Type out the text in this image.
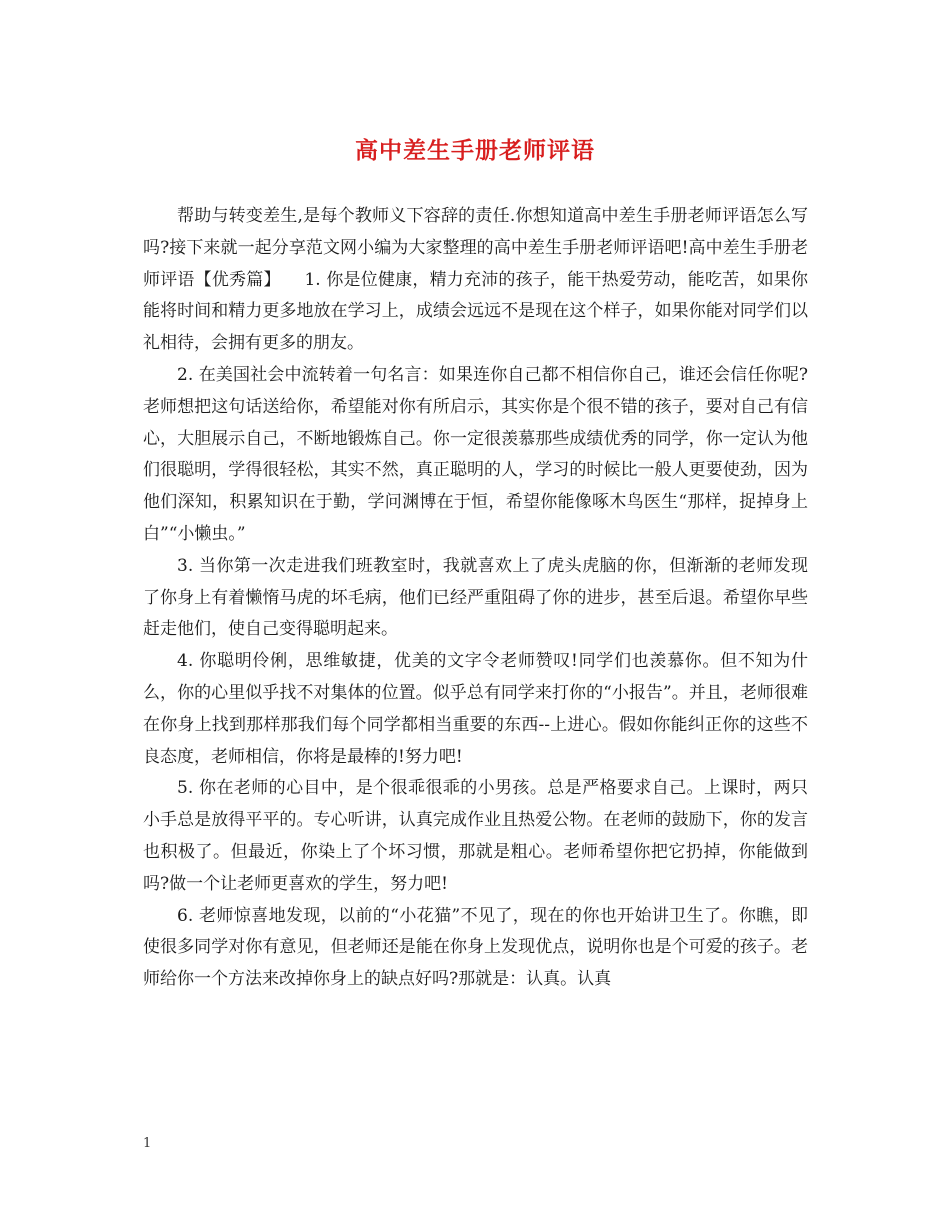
高中差生手册老师评语

帮助与转变差生,是每个教师义下容辞的责任.你想知道高中差生手册老师评语怎么写吗?接下来就一起分享范文网小编为大家整理的高中差生手册老师评语吧!高中差生手册老师评语【优秀篇】 1. 你是位健康，精力充沛的孩子，能干热爱劳动，能吃苦，如果你能将时间和精力更多地放在学习上，成绩会远远不是现在这个样子，如果你能对同学们以礼相待，会拥有更多的朋友。

2. 在美国社会中流转着一句名言：如果连你自己都不相信你自己，谁还会信任你呢?老师想把这句话送给你，希望能对你有所启示，其实你是个很不错的孩子，要对自己有信心，大胆展示自己，不断地锻炼自己。你一定很羡慕那些成绩优秀的同学，你一定认为他们很聪明，学得很轻松，其实不然，真正聪明的人，学习的时候比一般人更要使劲，因为他们深知，积累知识在于勤，学问渊博在于恒，希望你能像啄木鸟医生“那样，捉掉身上白”“小懒虫。”

3. 当你第一次走进我们班教室时，我就喜欢上了虎头虎脑的你，但渐渐的老师发现了你身上有着懒惰马虎的坏毛病，他们已经严重阻碍了你的进步，甚至后退。希望你早些赶走他们，使自己变得聪明起来。

4. 你聪明伶俐，思维敏捷，优美的文字令老师赞叹!同学们也羡慕你。但不知为什么，你的心里似乎找不对集体的位置。似乎总有同学来打你的“小报告”。并且，老师很难在你身上找到那样那我们每个同学都相当重要的东西--上进心。假如你能纠正你的这些不良态度，老师相信，你将是最棒的!努力吧!

5. 你在老师的心目中，是个很乖很乖的小男孩。总是严格要求自己。上课时，两只小手总是放得平平的。专心听讲，认真完成作业且热爱公物。在老师的鼓励下，你的发言也积极了。但最近，你染上了个坏习惯，那就是粗心。老师希望你把它扔掉，你能做到吗?做一个让老师更喜欢的学生，努力吧!

6. 老师惊喜地发现，以前的“小花猫”不见了，现在的你也开始讲卫生了。你瞧，即使很多同学对你有意见，但老师还是能在你身上发现优点，说明你也是个可爱的孩子。老师给你一个方法来改掉你身上的缺点好吗?那就是：认真。认真

1
